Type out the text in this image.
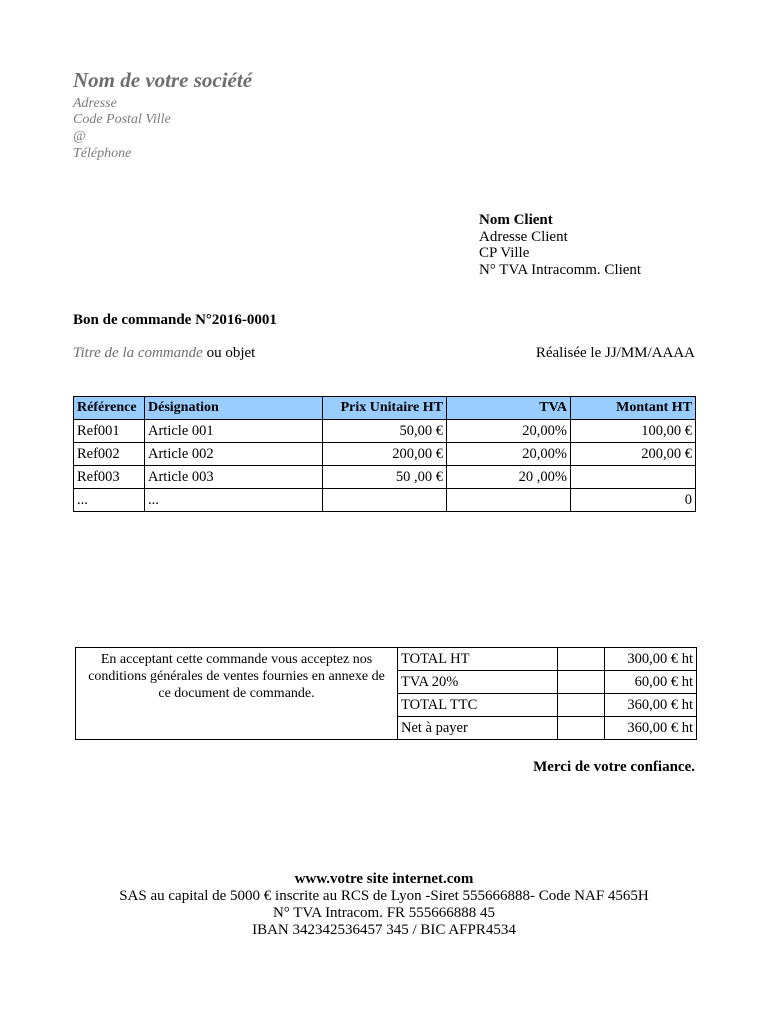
Nom de votre société
Adresse
Code Postal Ville
@
Téléphone
Nom Client
Adresse Client
CP Ville
N° TVA Intracomm. Client
Bon de commande N°2016-0001
Titre de la commande ou objet	Réalisée le JJ/MM/AAAA
Référence	Désignation	Prix Unitaire HT	TVA	Montant HT
Ref001	Article 001	50,00 €	20,00%	100,00 €
Ref002	Article 002	200,00 €	20,00%	200,00 €
Ref003	Article 003	50 ,00 €	20 ,00%	
...	...			0
En acceptant cette commande vous acceptez nos conditions générales de ventes fournies en annexe de ce document de commande.	TOTAL HT		300,00 € ht
	TVA 20%		60,00 € ht
	TOTAL TTC		360,00 € ht
	Net à payer		360,00 € ht
Merci de votre confiance.
www.votre site internet.com
SAS au capital de 5000 € inscrite au RCS de Lyon -Siret 555666888- Code NAF 4565H
N° TVA Intracom. FR 555666888 45
IBAN 342342536457 345 / BIC AFPR4534
